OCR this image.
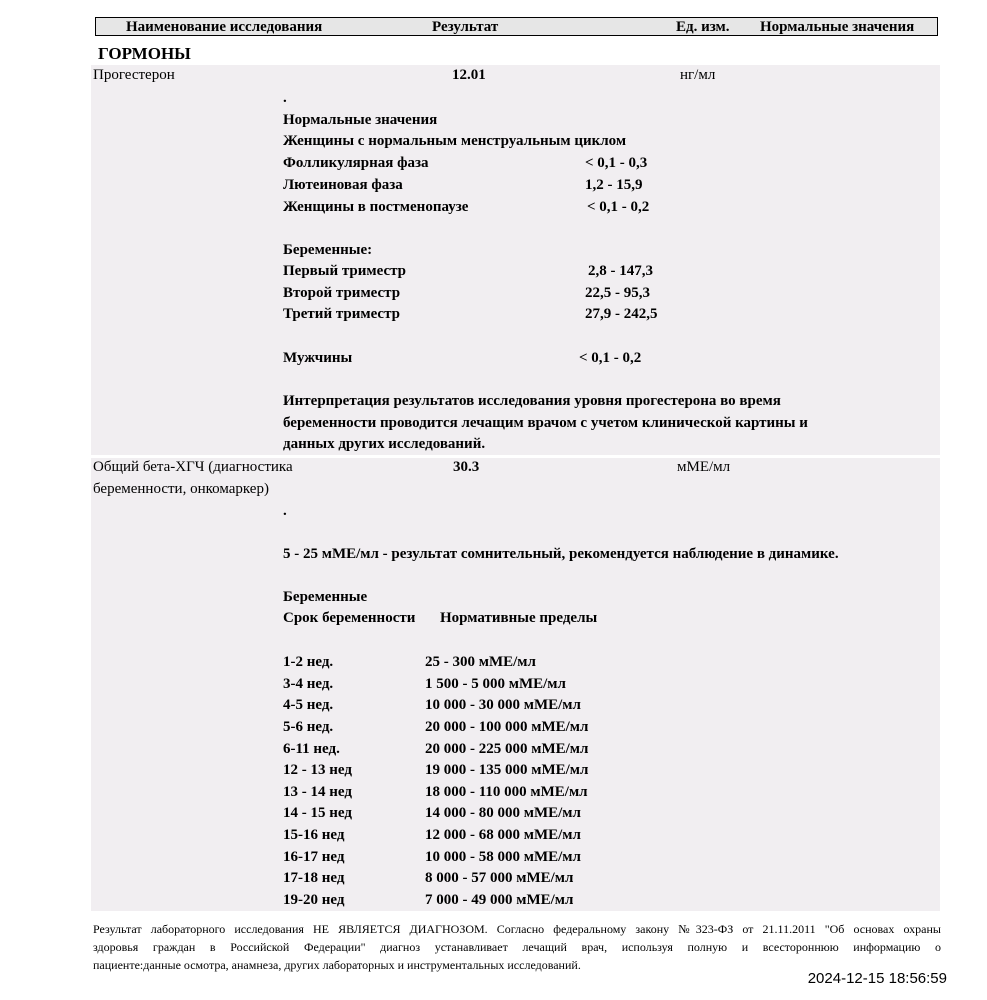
Наименование исследования	Результат	Ед. изм. Нормальные значения
ГОРМОНЫ
Прогестерон	12.01	нг/мл
.
Нормальные значения
Женщины с нормальным менструальным циклом
Фолликулярная фаза	< 0,1 - 0,3
Лютеиновая фаза	1,2 - 15,9
Женщины в постменопаузе	< 0,1 - 0,2
Беременные:
Первый триместр	2,8 - 147,3
Второй триместр	22,5 - 95,3
Третий триместр	27,9 - 242,5
Мужчины	< 0,1 - 0,2
Интерпретация результатов исследования уровня прогестерона во время
беременности проводится лечащим врачом с учетом клинической картины и
данных других исследований.
Общий бета-ХГЧ (диагностика
беременности, онкомаркер)
30.3	мМЕ/мл
.
5 - 25 мМЕ/мл - результат сомнительный, рекомендуется наблюдение в динамике.
Беременные
Срок беременности Нормативные пределы
1-2 нед.	25 - 300 мМЕ/мл
3-4 нед.	1 500 - 5 000 мМЕ/мл
4-5 нед.	10 000 - 30 000 мМЕ/мл
5-6 нед.	20 000 - 100 000 мМЕ/мл
6-11 нед.	20 000 - 225 000 мМЕ/мл
12 - 13 нед	19 000 - 135 000 мМЕ/мл
13 - 14 нед	18 000 - 110 000 мМЕ/мл
14 - 15 нед	14 000 - 80 000 мМЕ/мл
15-16 нед	12 000 - 68 000 мМЕ/мл
16-17 нед	10 000 - 58 000 мМЕ/мл
17-18 нед	8 000 - 57 000 мМЕ/мл
19-20 нед	7 000 - 49 000 мМЕ/мл
Результат лабораторного исследования НЕ ЯВЛЯЕТСЯ ДИАГНОЗОМ. Согласно федеральному закону №323-ФЗ от 21.11.2011 "Об основах охраны
здоровья граждан в Российской Федерации" диагноз устанавливает лечащий врач, используя полную и всестороннюю информацию о
пациенте:данные осмотра, анамнеза, других лабораторных и инструментальных исследований.
2024-12-15 18:56:59
